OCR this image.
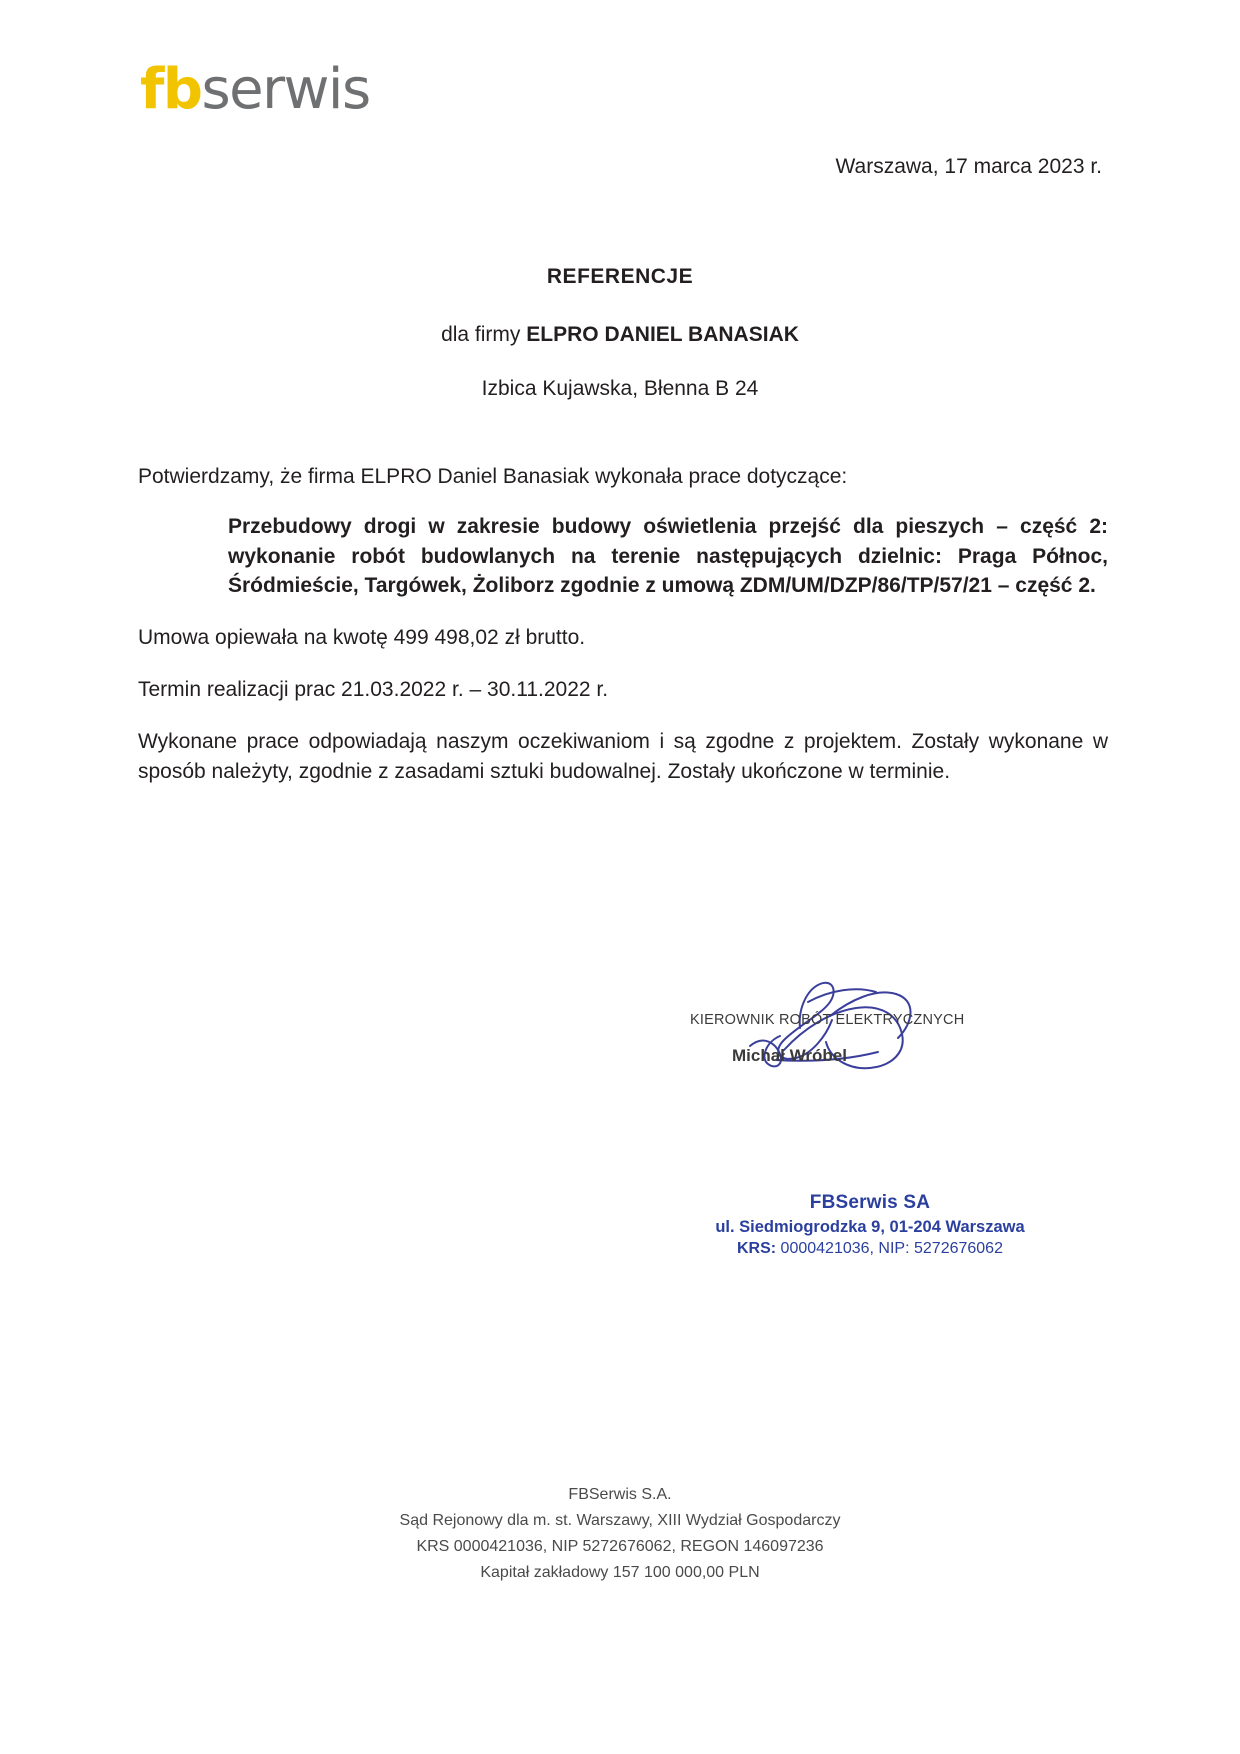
fbserwis
Warszawa, 17 marca 2023 r.
REFERENCJE
dla firmy ELPRO DANIEL BANASIAK
Izbica Kujawska, Błenna B 24

Potwierdzamy, że firma ELPRO Daniel Banasiak wykonała prace dotyczące:

Przebudowy drogi w zakresie budowy oświetlenia przejść dla pieszych – część 2: wykonanie robót budowlanych na terenie następujących dzielnic: Praga Północ, Śródmieście, Targówek, Żoliborz zgodnie z umową ZDM/UM/DZP/86/TP/57/21 – część 2.

Umowa opiewała na kwotę 499 498,02 zł brutto.

Termin realizacji prac 21.03.2022 r. – 30.11.2022 r.

Wykonane prace odpowiadają naszym oczekiwaniom i są zgodne z projektem. Zostały wykonane w sposób należyty, zgodnie z zasadami sztuki budowalnej. Zostały ukończone w terminie.

KIEROWNIK ROBÓT ELEKTRYCZNYCH
Michał Wróbel
FBSerwis SA
ul. Siedmiogrodzka 9, 01-204 Warszawa
KRS: 0000421036, NIP: 5272676062
FBSerwis S.A.
Sąd Rejonowy dla m. st. Warszawy, XIII Wydział Gospodarczy
KRS 0000421036, NIP 5272676062, REGON 146097236
Kapitał zakładowy 157 100 000,00 PLN
